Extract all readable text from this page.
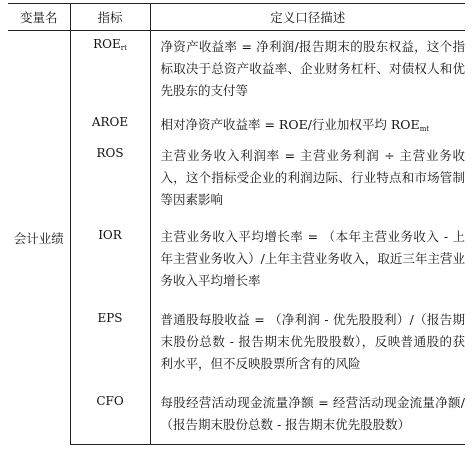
变量名	指标	定义口径描述
会计业绩	$ROE_{rt}$	净资产收益率 = 净利润/报告期末的股东权益，这个指标取决于总资产收益率、企业财务杠杆、对债权人和优先股东的支付等
	AROE	相对净资产收益率 = ROE/行业加权平均 $ROE_{mt}$
	ROS	主营业务收入利润率 = 主营业务利润 ÷ 主营业务收入，这个指标受企业的利润边际、行业特点和市场管制等因素影响
	IOR	主营业务收入平均增长率 = （本年主营业务收入 - 上年主营业务收入）/上年主营业务收入，取近三年主营业务收入平均增长率
	EPS	普通股每股收益 = （净利润 - 优先股股利）/（报告期末股份总数 - 报告期末优先股股数），反映普通股的获利水平，但不反映股票所含有的风险
	CFO	每股经营活动现金流量净额 = 经营活动现金流量净额/（报告期末股份总数 - 报告期末优先股股数）
